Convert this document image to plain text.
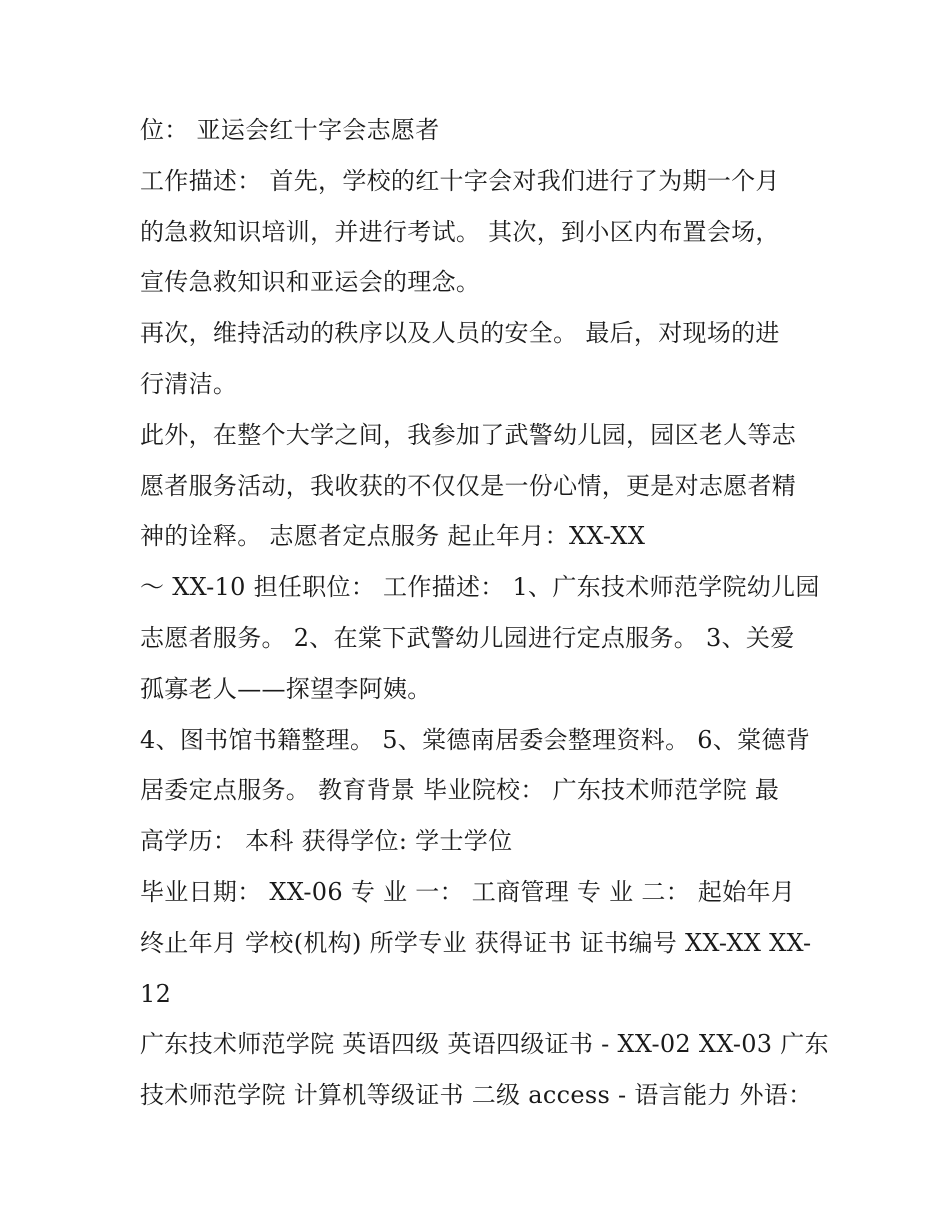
位： 亚运会红十字会志愿者

工作描述： 首先，学校的红十字会对我们进行了为期一个月

的急救知识培训，并进行考试。 其次，到小区内布置会场，

宣传急救知识和亚运会的理念。

再次，维持活动的秩序以及人员的安全。 最后，对现场的进

行清洁。

此外，在整个大学之间，我参加了武警幼儿园，园区老人等志

愿者服务活动，我收获的不仅仅是一份心情，更是对志愿者精

神的诠释。 志愿者定点服务 起止年月：XX-XX

～ XX-10 担任职位： 工作描述： 1、广东技术师范学院幼儿园

志愿者服务。 2、在棠下武警幼儿园进行定点服务。 3、关爱

孤寡老人——探望李阿姨。

4、图书馆书籍整理。 5、棠德南居委会整理资料。 6、棠德背

居委定点服务。 教育背景 毕业院校： 广东技术师范学院 最

高学历： 本科 获得学位: 学士学位

毕业日期： XX-06 专 业 一： 工商管理 专 业 二： 起始年月

终止年月 学校(机构) 所学专业 获得证书 证书编号 XX-XX XX-

12

广东技术师范学院 英语四级 英语四级证书 - XX-02 XX-03 广东

技术师范学院 计算机等级证书 二级 access - 语言能力 外语：
